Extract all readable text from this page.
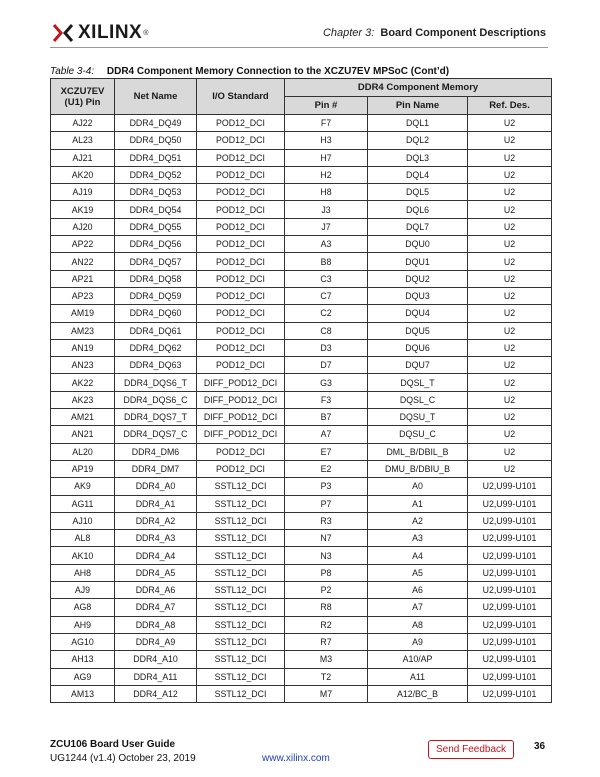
XILINX ®	Chapter 3: Board Component Descriptions
Table 3-4: DDR4 Component Memory Connection to the XCZU7EV MPSoC (Cont’d)
XCZU7EV
(U1) Pin	Net Name	I/O Standard	DDR4 Component Memory		
			Pin #	Pin Name	Ref. Des.
AJ22	DDR4_DQ49	POD12_DCI	F7	DQL1	U2
AL23	DDR4_DQ50	POD12_DCI	H3	DQL2	U2
AJ21	DDR4_DQ51	POD12_DCI	H7	DQL3	U2
AK20	DDR4_DQ52	POD12_DCI	H2	DQL4	U2
AJ19	DDR4_DQ53	POD12_DCI	H8	DQL5	U2
AK19	DDR4_DQ54	POD12_DCI	J3	DQL6	U2
AJ20	DDR4_DQ55	POD12_DCI	J7	DQL7	U2
AP22	DDR4_DQ56	POD12_DCI	A3	DQU0	U2
AN22	DDR4_DQ57	POD12_DCI	B8	DQU1	U2
AP21	DDR4_DQ58	POD12_DCI	C3	DQU2	U2
AP23	DDR4_DQ59	POD12_DCI	C7	DQU3	U2
AM19	DDR4_DQ60	POD12_DCI	C2	DQU4	U2
AM23	DDR4_DQ61	POD12_DCI	C8	DQU5	U2
AN19	DDR4_DQ62	POD12_DCI	D3	DQU6	U2
AN23	DDR4_DQ63	POD12_DCI	D7	DQU7	U2
AK22	DDR4_DQS6_T	DIFF_POD12_DCI	G3	DQSL_T	U2
AK23	DDR4_DQS6_C	DIFF_POD12_DCI	F3	DQSL_C	U2
AM21	DDR4_DQS7_T	DIFF_POD12_DCI	B7	DQSU_T	U2
AN21	DDR4_DQS7_C	DIFF_POD12_DCI	A7	DQSU_C	U2
AL20	DDR4_DM6	POD12_DCI	E7	DML_B/DBIL_B	U2
AP19	DDR4_DM7	POD12_DCI	E2	DMU_B/DBIU_B	U2
AK9	DDR4_A0	SSTL12_DCI	P3	A0	U2,U99-U101
AG11	DDR4_A1	SSTL12_DCI	P7	A1	U2,U99-U101
AJ10	DDR4_A2	SSTL12_DCI	R3	A2	U2,U99-U101
AL8	DDR4_A3	SSTL12_DCI	N7	A3	U2,U99-U101
AK10	DDR4_A4	SSTL12_DCI	N3	A4	U2,U99-U101
AH8	DDR4_A5	SSTL12_DCI	P8	A5	U2,U99-U101
AJ9	DDR4_A6	SSTL12_DCI	P2	A6	U2,U99-U101
AG8	DDR4_A7	SSTL12_DCI	R8	A7	U2,U99-U101
AH9	DDR4_A8	SSTL12_DCI	R2	A8	U2,U99-U101
AG10	DDR4_A9	SSTL12_DCI	R7	A9	U2,U99-U101
AH13	DDR4_A10	SSTL12_DCI	M3	A10/AP	U2,U99-U101
AG9	DDR4_A11	SSTL12_DCI	T2	A11	U2,U99-U101
AM13	DDR4_A12	SSTL12_DCI	M7	A12/BC_B	U2,U99-U101
ZCU106 Board User Guide
UG1244 (v1.4) October 23, 2019	www.xilinx.com
Send Feedback	36
